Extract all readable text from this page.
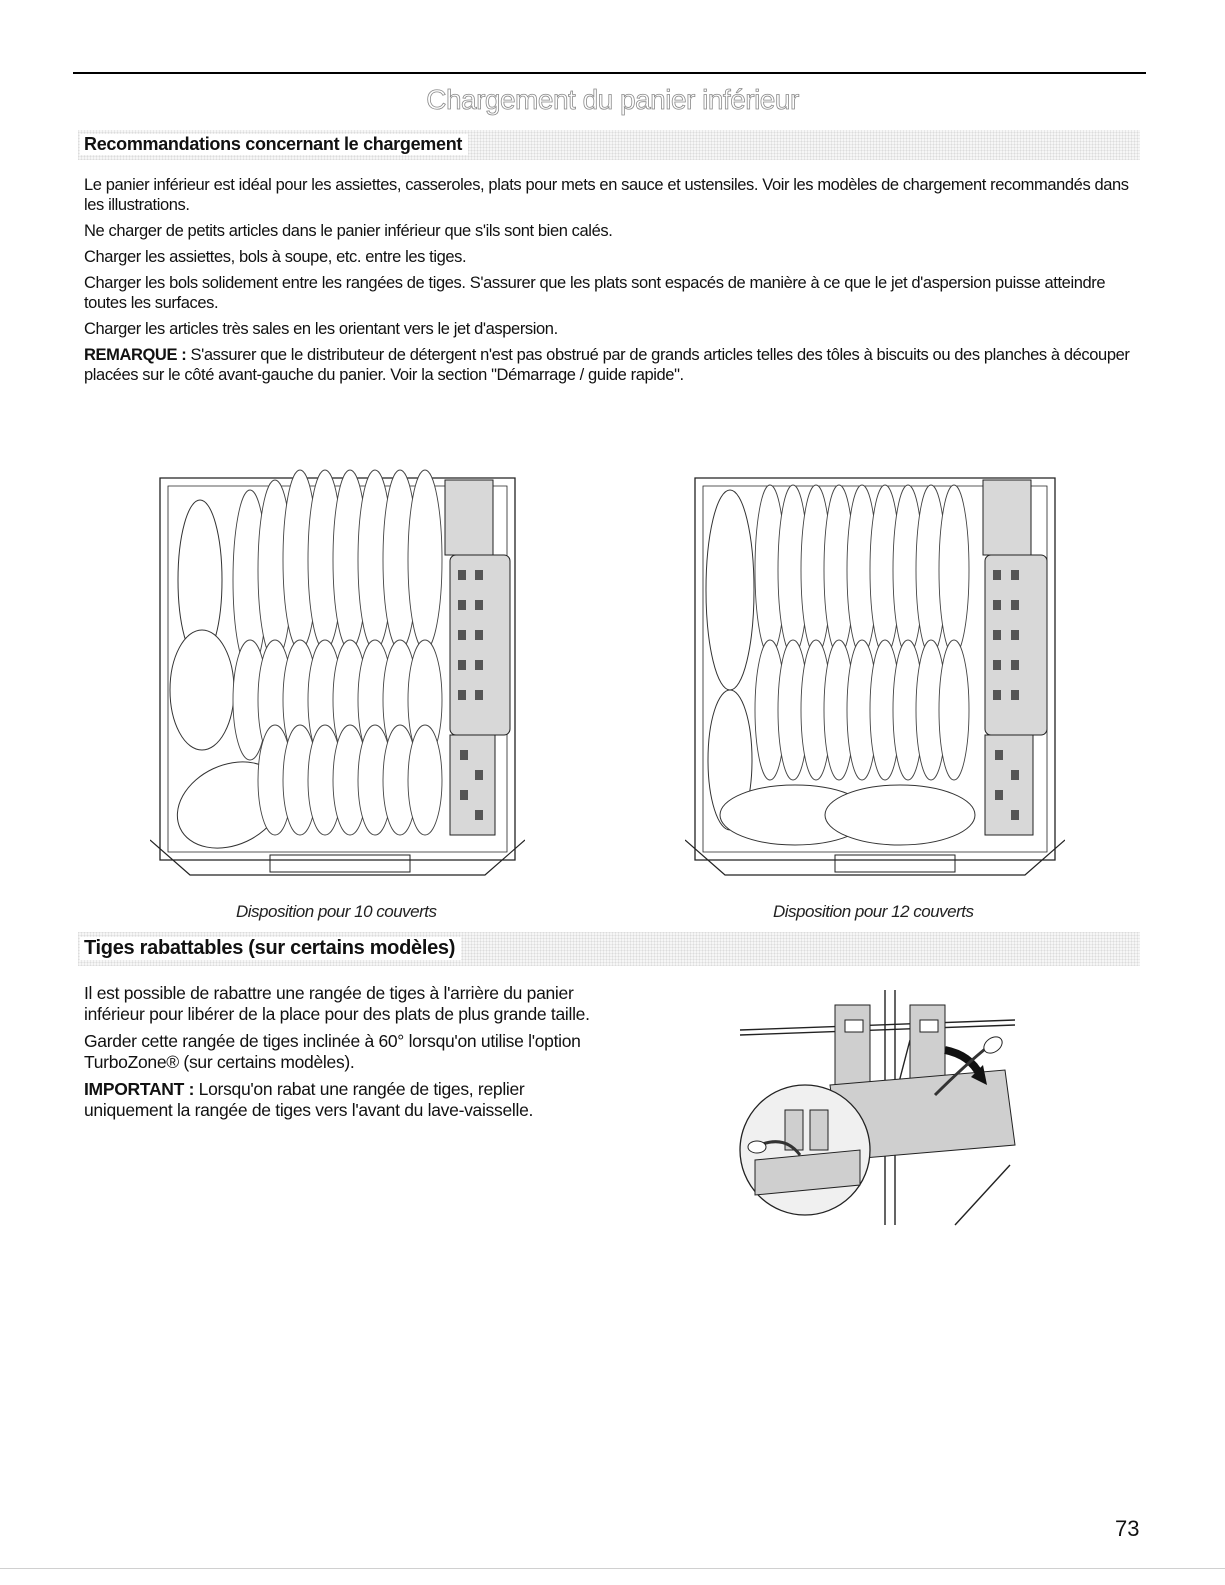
Chargement du panier inférieur
Recommandations concernant le chargement

Le panier inférieur est idéal pour les assiettes, casseroles, plats pour mets en sauce et ustensiles. Voir les modèles de chargement recommandés dans les illustrations.

Ne charger de petits articles dans le panier inférieur que s'ils sont bien calés.

Charger les assiettes, bols à soupe, etc. entre les tiges.

Charger les bols solidement entre les rangées de tiges. S'assurer que les plats sont espacés de manière à ce que le jet d'aspersion puisse atteindre toutes les surfaces.

Charger les articles très sales en les orientant vers le jet d'aspersion.

REMARQUE : S'assurer que le distributeur de détergent n'est pas obstrué par de grands articles telles des tôles à biscuits ou des planches à découper placées sur le côté avant-gauche du panier. Voir la section "Démarrage / guide rapide".

Disposition pour 10 couverts	Disposition pour 12 couverts
Tiges rabattables (sur certains modèles)

Il est possible de rabattre une rangée de tiges à l'arrière du panier inférieur pour libérer de la place pour des plats de plus grande taille.

Garder cette rangée de tiges inclinée à 60° lorsqu'on utilise l'option TurboZone® (sur certains modèles).

IMPORTANT : Lorsqu'on rabat une rangée de tiges, replier uniquement la rangée de tiges vers l'avant du lave-vaisselle.

73
